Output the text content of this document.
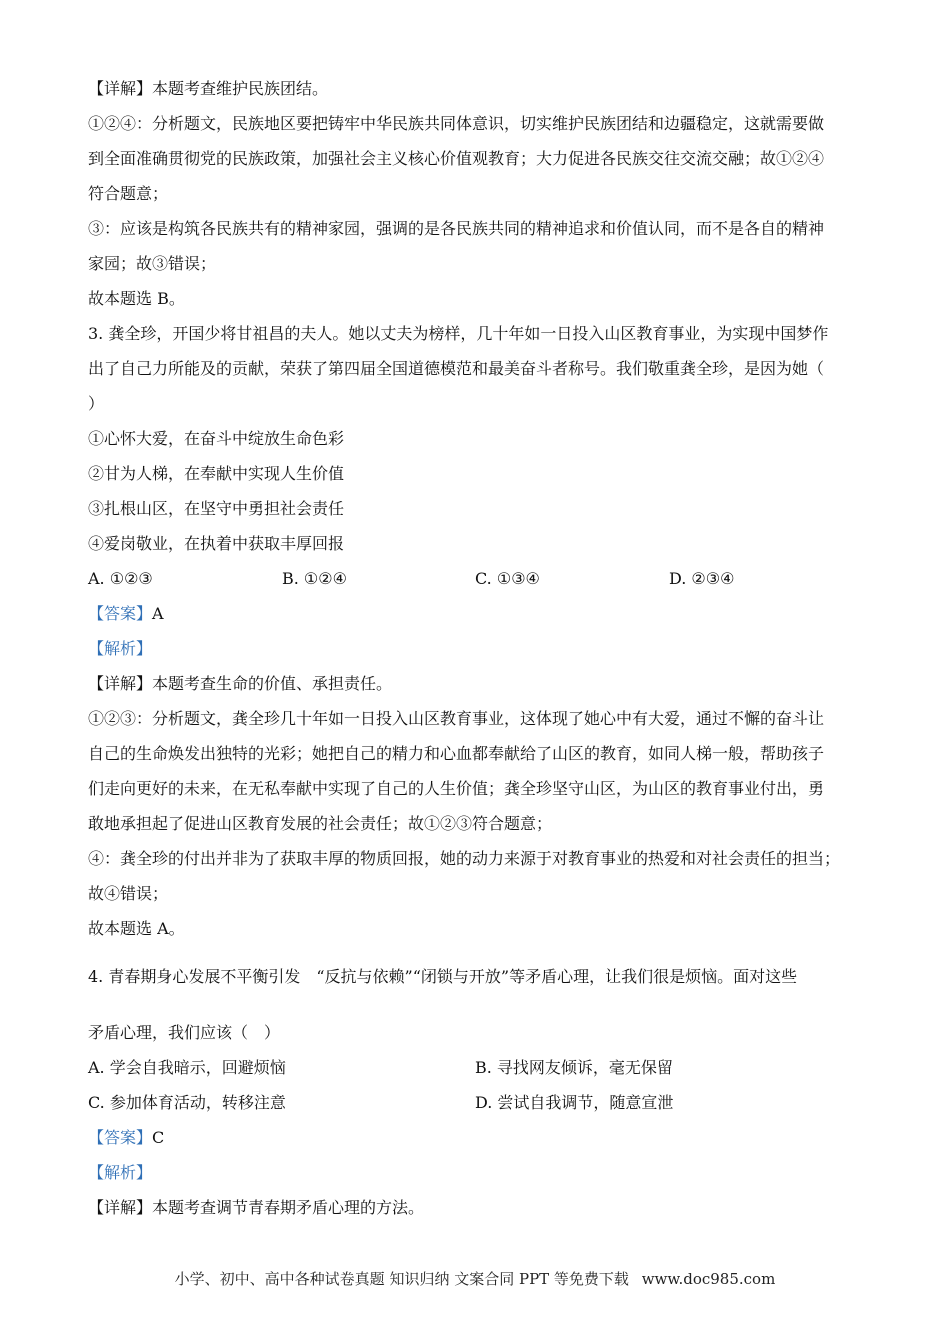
【详解】本题考查维护民族团结。
①②④：分析题文，民族地区要把铸牢中华民族共同体意识，切实维护民族团结和边疆稳定，这就需要做
到全面准确贯彻党的民族政策，加强社会主义核心价值观教育；大力促进各民族交往交流交融；故①②④
符合题意；
③：应该是构筑各民族共有的精神家园，强调的是各民族共同的精神追求和价值认同，而不是各自的精神
家园；故③错误；
故本题选 B。
3. 龚全珍，开国少将甘祖昌的夫人。她以丈夫为榜样，几十年如一日投入山区教育事业，为实现中国梦作
出了自己力所能及的贡献，荣获了第四届全国道德模范和最美奋斗者称号。我们敬重龚全珍，是因为她（
）
①心怀大爱，在奋斗中绽放生命色彩
②甘为人梯，在奉献中实现人生价值
③扎根山区，在坚守中勇担社会责任
④爱岗敬业，在执着中获取丰厚回报
A. ①②③	B. ①②④	C. ①③④	D. ②③④
【答案】A
【解析】
【详解】本题考查生命的价值、承担责任。
①②③：分析题文，龚全珍几十年如一日投入山区教育事业，这体现了她心中有大爱，通过不懈的奋斗让
自己的生命焕发出独特的光彩；她把自己的精力和心血都奉献给了山区的教育，如同人梯一般，帮助孩子
们走向更好的未来，在无私奉献中实现了自己的人生价值；龚全珍坚守山区，为山区的教育事业付出，勇
敢地承担起了促进山区教育发展的社会责任；故①②③符合题意；
④：龚全珍的付出并非为了获取丰厚的物质回报，她的动力来源于对教育事业的热爱和对社会责任的担当；
故④错误；
故本题选 A。
4. 青春期身心发展不平衡引发　“反抗与依赖”“闭锁与开放”等矛盾心理，让我们很是烦恼。面对这些
矛盾心理，我们应该（　）
A. 学会自我暗示，回避烦恼	B. 寻找网友倾诉，毫无保留
C. 参加体育活动，转移注意	D. 尝试自我调节，随意宣泄
【答案】C
【解析】
【详解】本题考查调节青春期矛盾心理的方法。
小学、初中、高中各种试卷真题 知识归纳 文案合同 PPT 等免费下载 www.doc985.com
